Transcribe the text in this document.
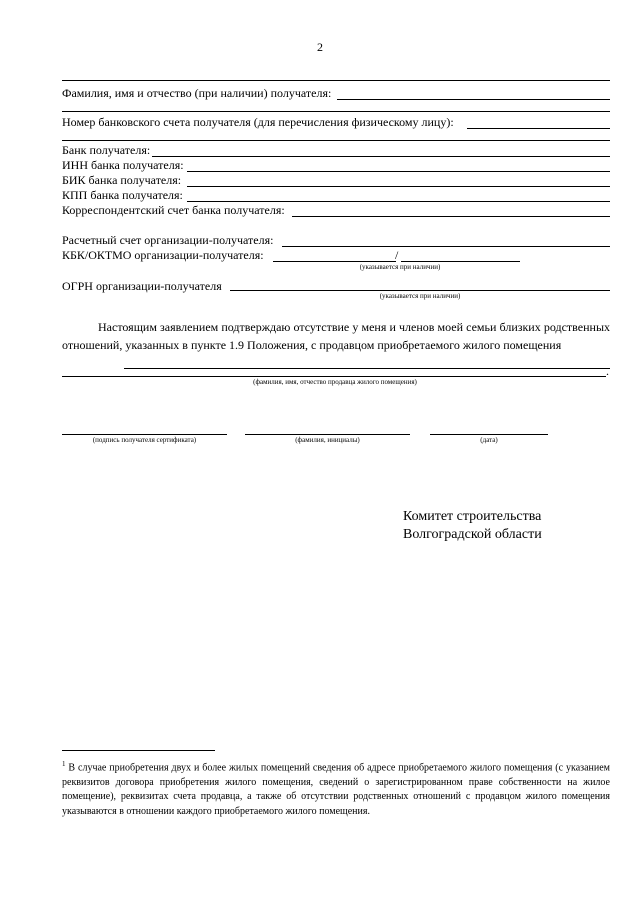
2
Фамилия, имя и отчество (при наличии) получателя:
Номер банковского счета получателя (для перечисления физическому лицу):
Банк получателя:
ИНН банка получателя:
БИК банка получателя:
КПП банка получателя:
Корреспондентский счет банка получателя:
Расчетный счет организации-получателя:
КБК/ОКТМО организации-получателя:	/
(указывается при наличии)
ОГРН организации-получателя
(указывается при наличии)
Настоящим заявлением подтверждаю отсутствие у меня и членов моей семьи близких родственных отношений, указанных в пункте 1.9 Положения, с продавцом приобретаемого жилого помещения
.
(фамилия, имя, отчество продавца жилого помещения)
(подпись получателя сертификата)	(фамилия, инициалы)	(дата)
Комитет строительства
Волгоградской области
$^1$ В случае приобретения двух и более жилых помещений сведения об адресе приобретаемого жилого помещения (с указанием реквизитов договора приобретения жилого помещения, сведений о зарегистрированном праве собственности на жилое помещение), реквизитах счета продавца, а также об отсутствии родственных отношений с продавцом жилого помещения указываются в отношении каждого приобретаемого жилого помещения.
